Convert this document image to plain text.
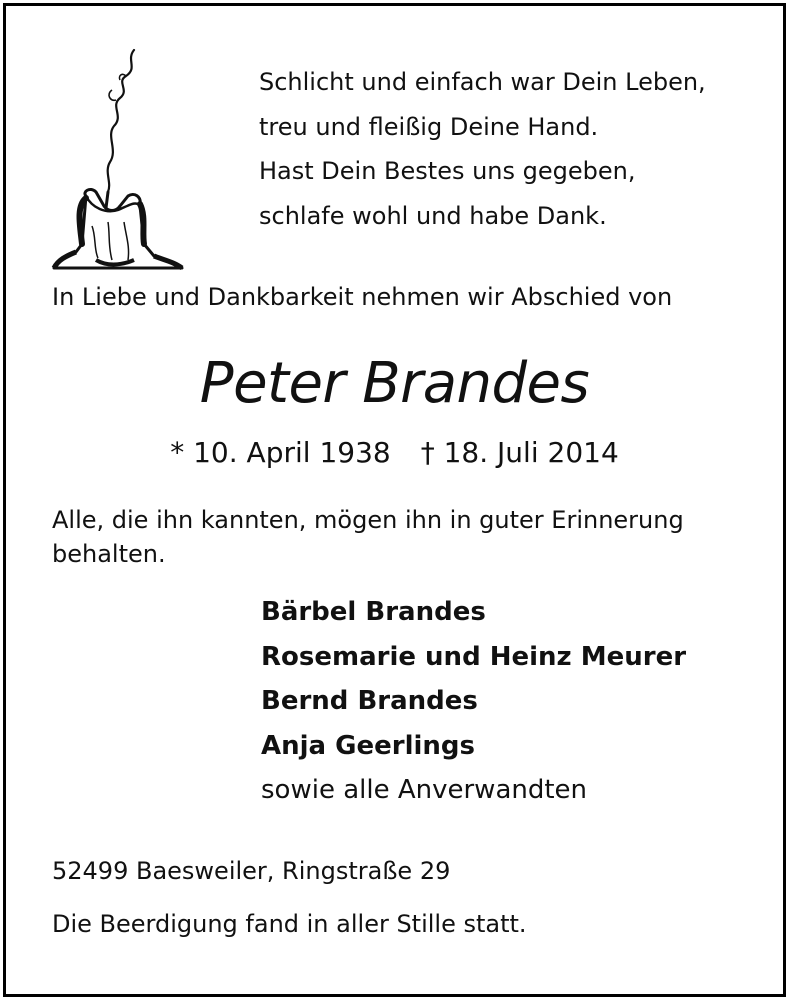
Schlicht und einfach war Dein Leben,
treu und fleißig Deine Hand.
Hast Dein Bestes uns gegeben,
schlafe wohl und habe Dank.
In Liebe und Dankbarkeit nehmen wir Abschied von
Peter Brandes
* 10. April 1938 † 18. Juli 2014
Alle, die ihn kannten, mögen ihn in guter Erinnerung behalten.
Bärbel Brandes
Rosemarie und Heinz Meurer
Bernd Brandes
Anja Geerlings
sowie alle Anverwandten
52499 Baesweiler, Ringstraße 29
Die Beerdigung fand in aller Stille statt.
